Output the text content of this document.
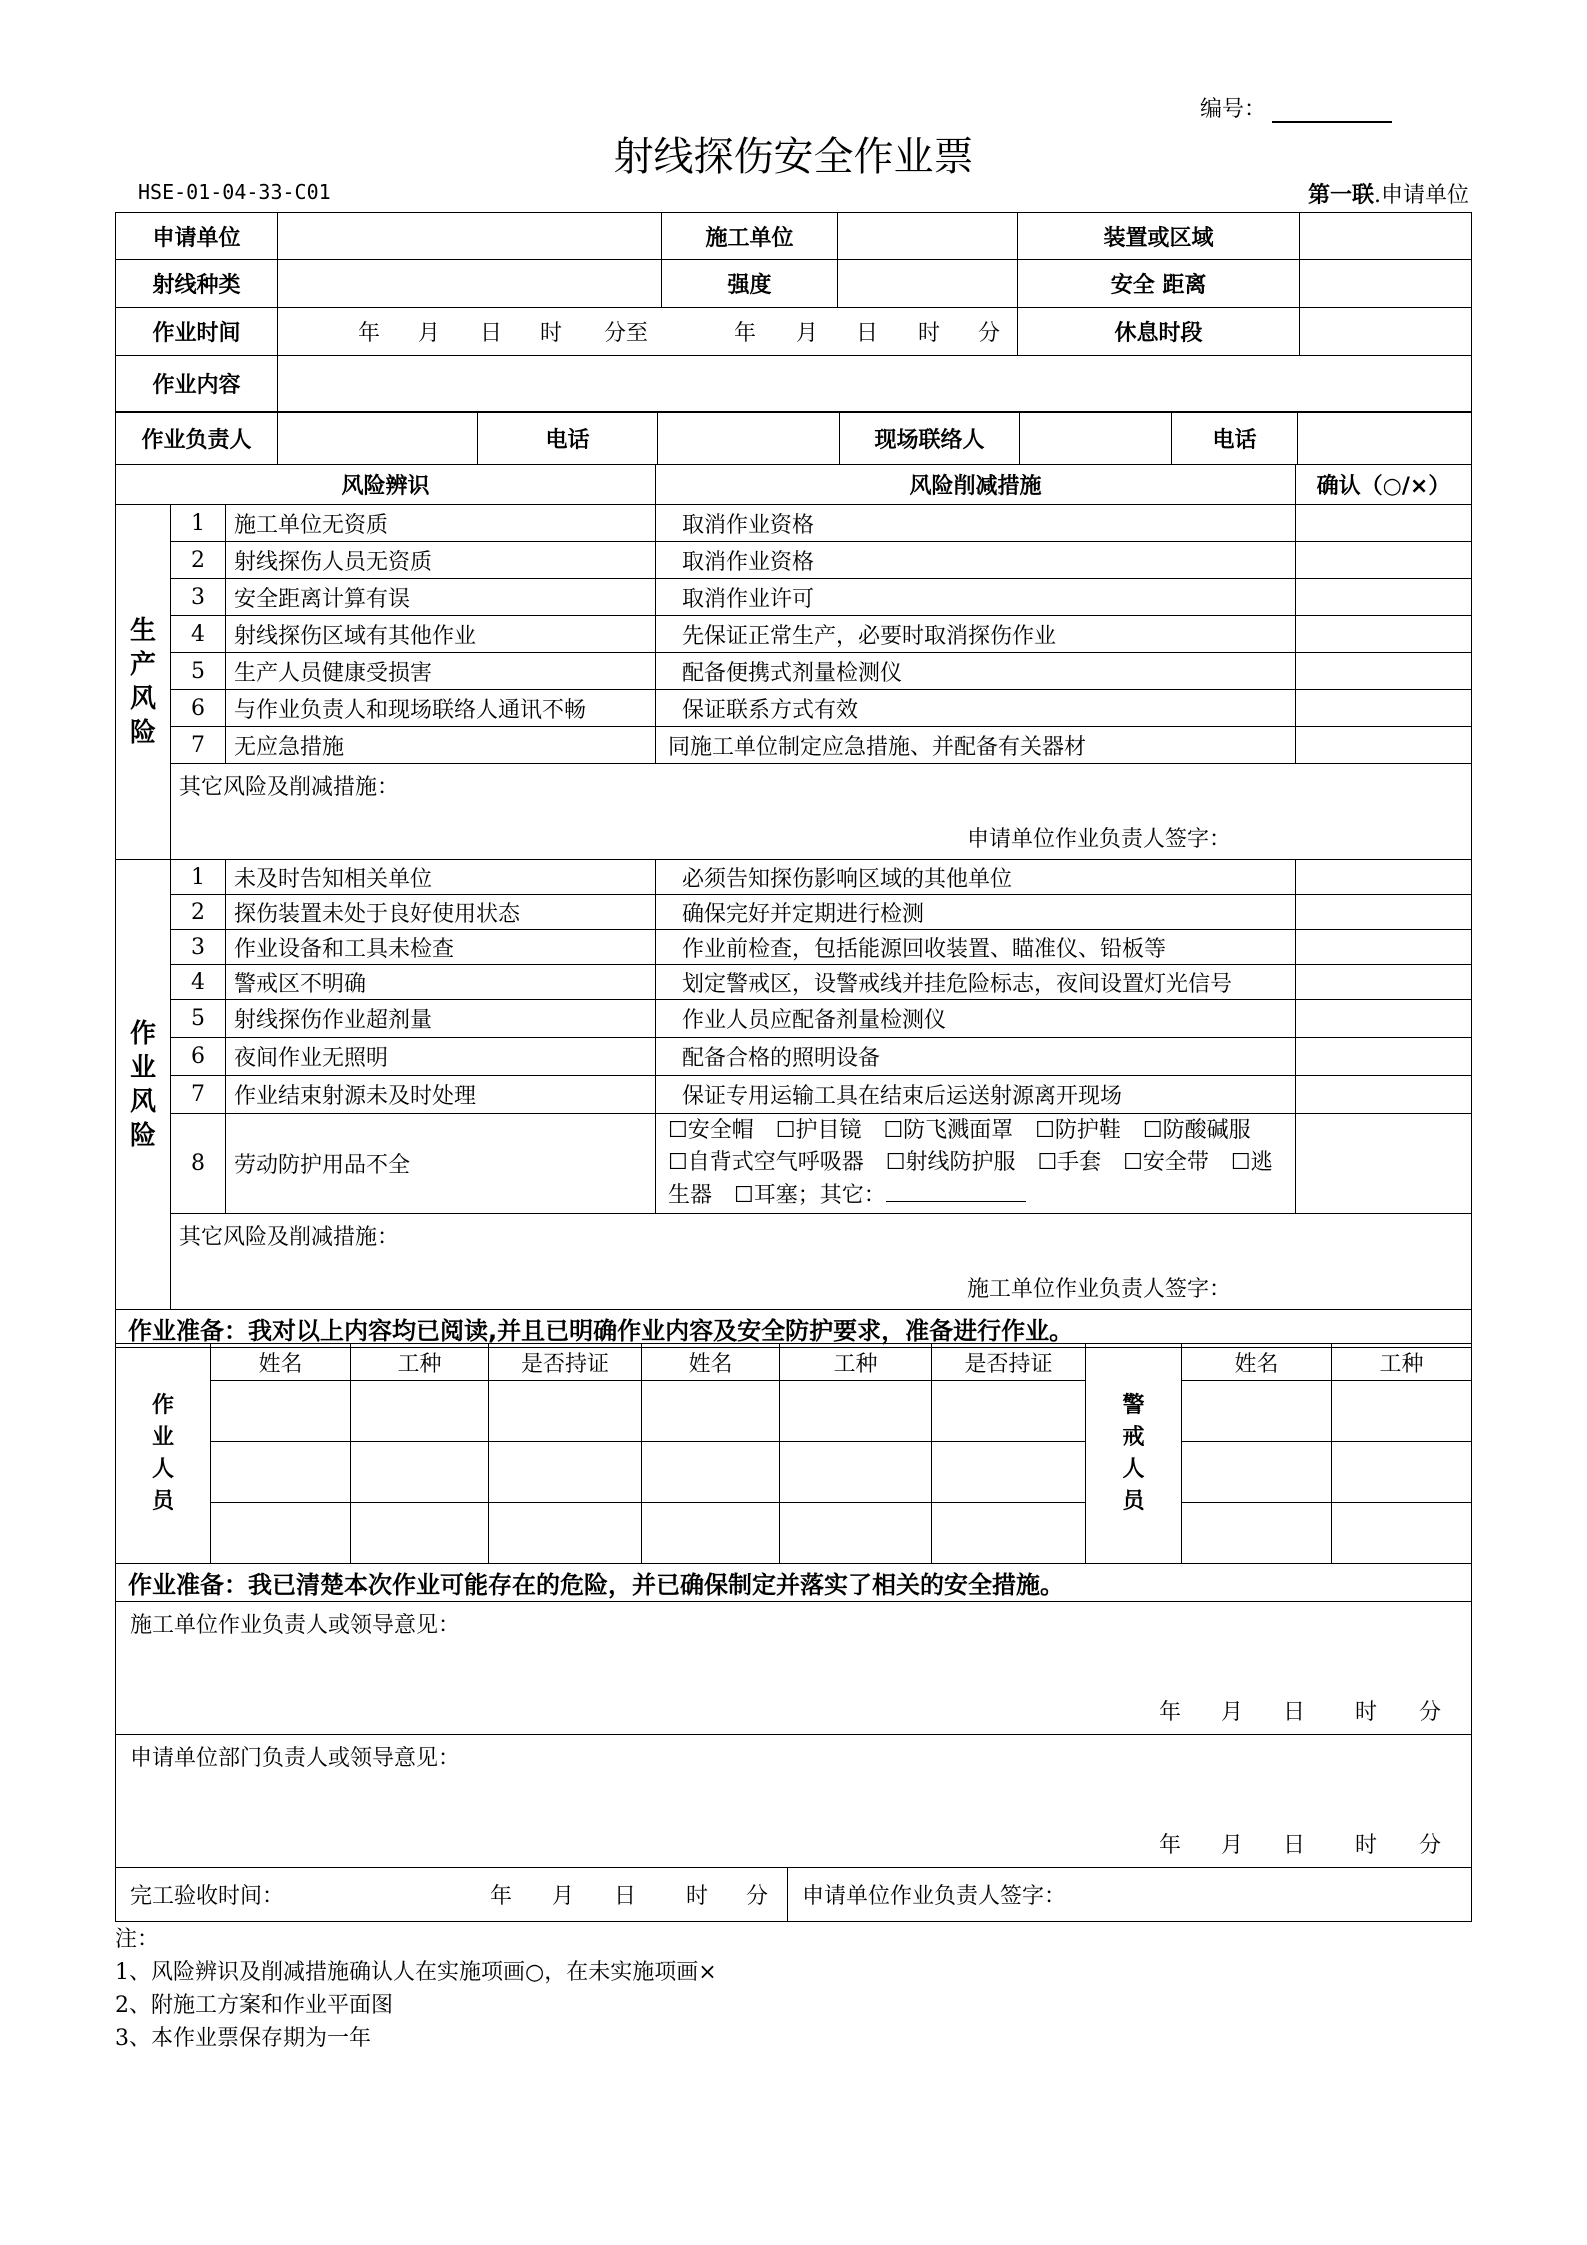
编号：
射线探伤安全作业票
HSE-01-04-33-C01	第一联.申请单位
申请单位		施工单位		装置或区域	
射线种类		强度		安全 距离	
作业时间	年 月 日 时 分至 年 月 日 时 分			休息时段	
作业内容					
作业负责人		电话		现场联络人		电话	
风险辨识			风险削减措施	确认（○/×）
生产风险	1	施工单位无资质	取消作业资格	
	2	射线探伤人员无资质	取消作业资格	
	3	安全距离计算有误	取消作业许可	
	4	射线探伤区域有其他作业	先保证正常生产，必要时取消探伤作业	
	5	生产人员健康受损害	配备便携式剂量检测仪	
	6	与作业负责人和现场联络人通讯不畅	保证联系方式有效	
	7	无应急措施	同施工单位制定应急措施、并配备有关器材	
	其它风险及削减措施：
申请单位作业负责人签字：			

作业风险	1	未及时告知相关单位	必须告知探伤影响区域的其他单位	
	2	探伤装置未处于良好使用状态	确保完好并定期进行检测	
	3	作业设备和工具未检查	作业前检查，包括能源回收装置、瞄准仪、铅板等	
	4	警戒区不明确	划定警戒区，设警戒线并挂危险标志，夜间设置灯光信号	
	5	射线探伤作业超剂量	作业人员应配备剂量检测仪	
	6	夜间作业无照明	配备合格的照明设备	
	7	作业结束射源未及时处理	保证专用运输工具在结束后运送射源离开现场	
	8	劳动防护用品不全	☐安全帽　☐护目镜　☐防飞溅面罩　☐防护鞋　☐防酸碱服　☐自背式空气呼吸器　☐射线防护服　☐手套　☐安全带　☐逃生器　☐耳塞；其它：	
	其它风险及削减措施：
施工单位作业负责人签字：			

作业准备：我对以上内容均已阅读,并且已明确作业内容及安全防护要求，准备进行作业。				
作业人员	姓名	工种	是否持证	姓名	工种	是否持证	警戒人员	姓名	工种

作业准备：我已清楚本次作业可能存在的危险，并已确保制定并落实了相关的安全措施。
施工单位作业负责人或领导意见：
年 月 日 时 分

申请单位部门负责人或领导意见：
年 月 日 时 分

完工验收时间：	年 月 日 时 分	申请单位作业负责人签字：
注：
1、风险辨识及削减措施确认人在实施项画○，在未实施项画×
2、附施工方案和作业平面图
3、本作业票保存期为一年
